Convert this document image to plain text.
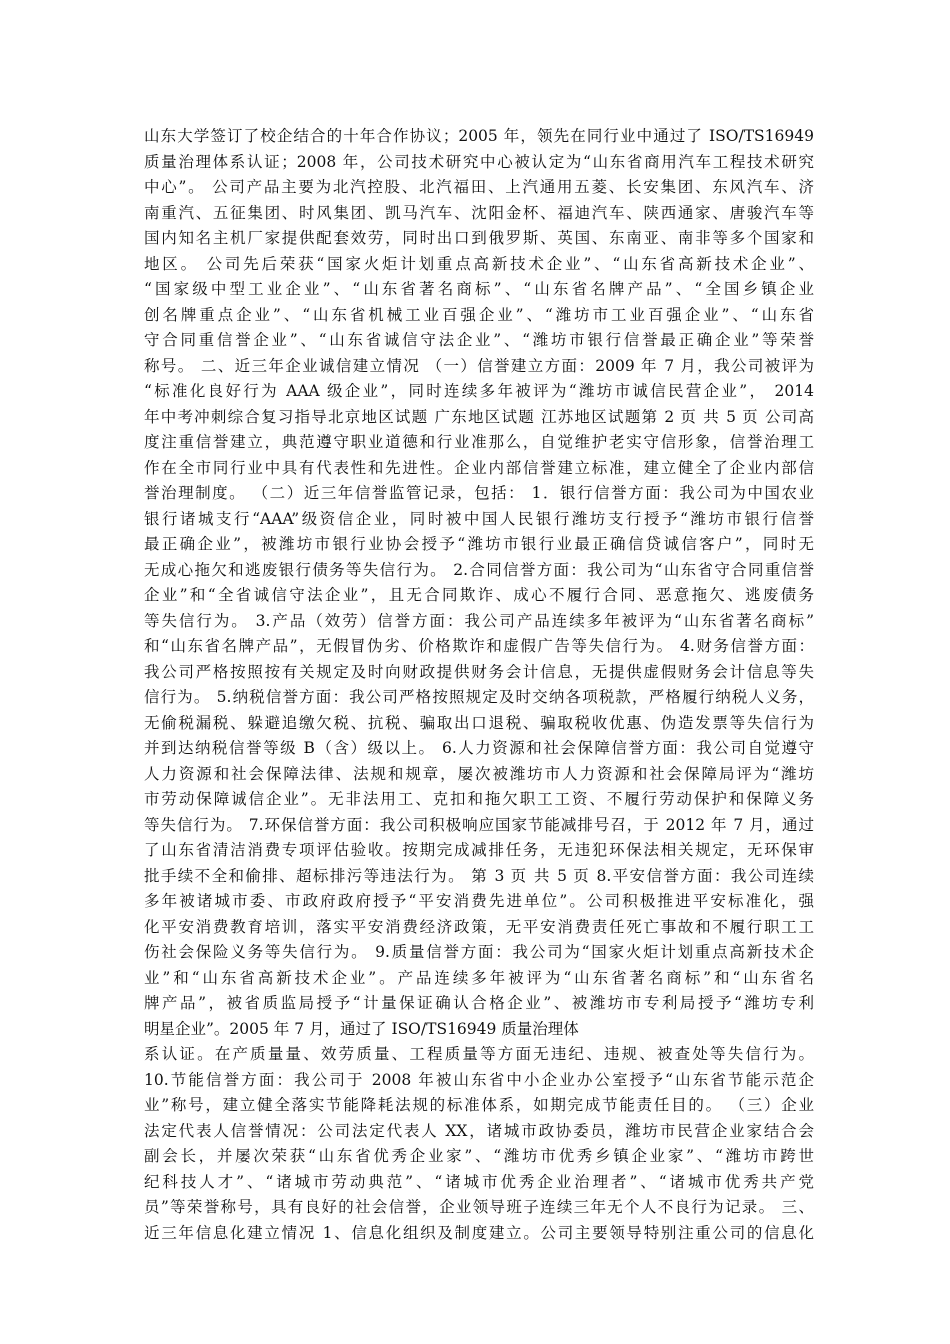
山东大学签订了校企结合的十年合作协议；2005 年，领先在同行业中通过了 ISO/TS16949
质量治理体系认证；2008 年，公司技术研究中心被认定为“山东省商用汽车工程技术研究
中心”。 公司产品主要为北汽控股、北汽福田、上汽通用五菱、长安集团、东风汽车、济
南重汽、五征集团、时风集团、凯马汽车、沈阳金杯、福迪汽车、陕西通家、唐骏汽车等
国内知名主机厂家提供配套效劳，同时出口到俄罗斯、英国、东南亚、南非等多个国家和
地区。 公司先后荣获“国家火炬计划重点高新技术企业”、“山东省高新技术企业”、
“国家级中型工业企业”、“山东省著名商标”、“山东省名牌产品”、“全国乡镇企业
创名牌重点企业”、“山东省机械工业百强企业”、“潍坊市工业百强企业”、“山东省
守合同重信誉企业”、“山东省诚信守法企业”、“潍坊市银行信誉最正确企业”等荣誉
称号。 二、近三年企业诚信建立情况 （一）信誉建立方面：2009 年 7 月，我公司被评为
“标准化良好行为 AAA 级企业”，同时连续多年被评为“潍坊市诚信民营企业”， 2014
年中考冲刺综合复习指导北京地区试题 广东地区试题 江苏地区试题第 2 页 共 5 页 公司高
度注重信誉建立，典范遵守职业道德和行业准那么，自觉维护老实守信形象，信誉治理工
作在全市同行业中具有代表性和先进性。企业内部信誉建立标准，建立健全了企业内部信
誉治理制度。 （二）近三年信誉监管记录，包括： 1．银行信誉方面：我公司为中国农业
银行诸城支行“AAA”级资信企业，同时被中国人民银行潍坊支行授予“潍坊市银行信誉
最正确企业”，被潍坊市银行业协会授予“潍坊市银行业最正确信贷诚信客户”，同时无
无成心拖欠和逃废银行债务等失信行为。 2.合同信誉方面：我公司为“山东省守合同重信誉
企业”和“全省诚信守法企业”，且无合同欺诈、成心不履行合同、恶意拖欠、逃废债务
等失信行为。 3.产品（效劳）信誉方面：我公司产品连续多年被评为“山东省著名商标”
和“山东省名牌产品”，无假冒伪劣、价格欺诈和虚假广告等失信行为。 4.财务信誉方面：
我公司严格按照按有关规定及时向财政提供财务会计信息，无提供虚假财务会计信息等失
信行为。 5.纳税信誉方面：我公司严格按照规定及时交纳各项税款，严格履行纳税人义务，
无偷税漏税、躲避追缴欠税、抗税、骗取出口退税、骗取税收优惠、伪造发票等失信行为
并到达纳税信誉等级 B（含）级以上。 6.人力资源和社会保障信誉方面：我公司自觉遵守
人力资源和社会保障法律、法规和规章，屡次被潍坊市人力资源和社会保障局评为“潍坊
市劳动保障诚信企业”。无非法用工、克扣和拖欠职工工资、不履行劳动保护和保障义务
等失信行为。 7.环保信誉方面：我公司积极响应国家节能减排号召，于 2012 年 7 月，通过
了山东省清洁消费专项评估验收。按期完成减排任务，无违犯环保法相关规定，无环保审
批手续不全和偷排、超标排污等违法行为。 第 3 页 共 5 页 8.平安信誉方面：我公司连续
多年被诸城市委、市政府政府授予“平安消费先进单位”。公司积极推进平安标准化，强
化平安消费教育培训，落实平安消费经济政策，无平安消费责任死亡事故和不履行职工工
伤社会保险义务等失信行为。 9.质量信誉方面：我公司为“国家火炬计划重点高新技术企
业”和“山东省高新技术企业”。产品连续多年被评为“山东省著名商标”和“山东省名
牌产品”，被省质监局授予“计量保证确认合格企业”、被潍坊市专利局授予“潍坊专利
明星企业”。2005 年 7 月，通过了 ISO/TS16949 质量治理体
系认证。在产质量量、效劳质量、工程质量等方面无违纪、违规、被查处等失信行为。
10.节能信誉方面：我公司于 2008 年被山东省中小企业办公室授予“山东省节能示范企
业”称号，建立健全落实节能降耗法规的标准体系，如期完成节能责任目的。 （三）企业
法定代表人信誉情况：公司法定代表人 XX，诸城市政协委员，潍坊市民营企业家结合会
副会长，并屡次荣获“山东省优秀企业家”、“潍坊市优秀乡镇企业家”、“潍坊市跨世
纪科技人才”、“诸城市劳动典范”、“诸城市优秀企业治理者”、“诸城市优秀共产党
员”等荣誉称号，具有良好的社会信誉，企业领导班子连续三年无个人不良行为记录。 三、
近三年信息化建立情况 1、信息化组织及制度建立。公司主要领导特别注重公司的信息化
